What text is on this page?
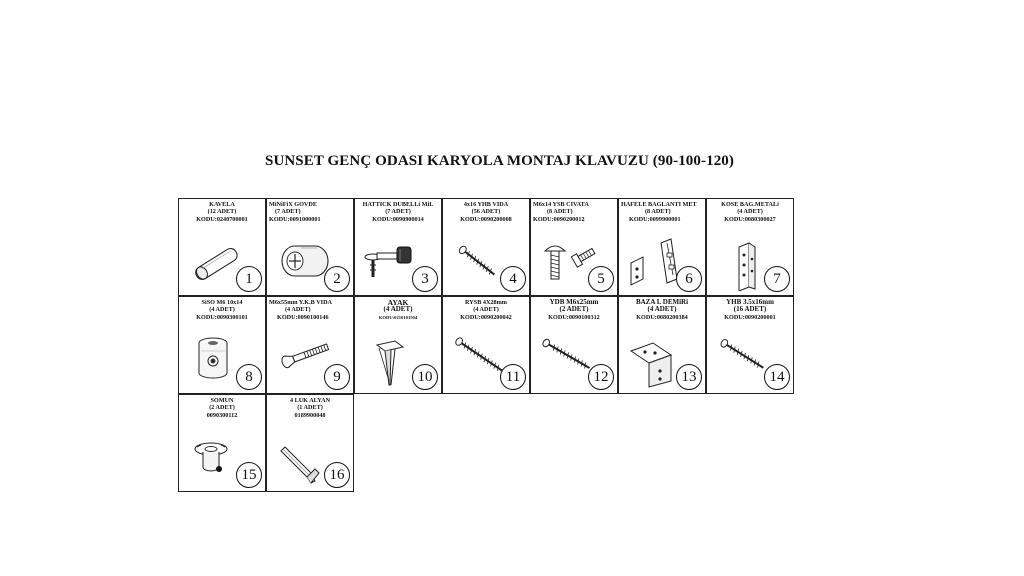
SUNSET GENÇ ODASI KARYOLA MONTAJ KLAVUZU (90-100-120)
KAVELA
(12 ADET)
KODU:0240700001
1
MiNiFiX GÖVDE
(7 ADET)
KODU:0091000001
2
HATTICK DÜBELLi MiL
(7 ADET)
KODU:0090900014
3
4x16 YHB VIDA
(56 ADET)
KODU:0090200008
4
M6x14 YSB CIVATA
(8 ADET)
KODU:0090200012
5
HAFELE BAGLANTI MET
(8 ADET)
KODU:0099900001
6
KÖSE BAG.METALi
(4 ADET)
KODU:0080300027
7
SiSO M6 10x14
(4 ADET)
KODU:0090300101
8
M6x55mm Y.K.B VIDA
(4 ADET)
KODU:0090100146
9
AYAK
(4 ADET)
KODU:0210101504
10
RYSB 4X28mm
(4 ADET)
KODU:0090200042
11
YDB M6x25mm
(2 ADET)
KODU:0090100312
12
BAZA L DEMiRi
(4 ADET)
KODU:0080200384
13
YHB 3.5x16mm
(16 ADET)
KODU:0090200001
14
SOMUN
(2 ADET)
0090300112
15
4 LÜK ALYAN
(1 ADET)
0189900048
16
